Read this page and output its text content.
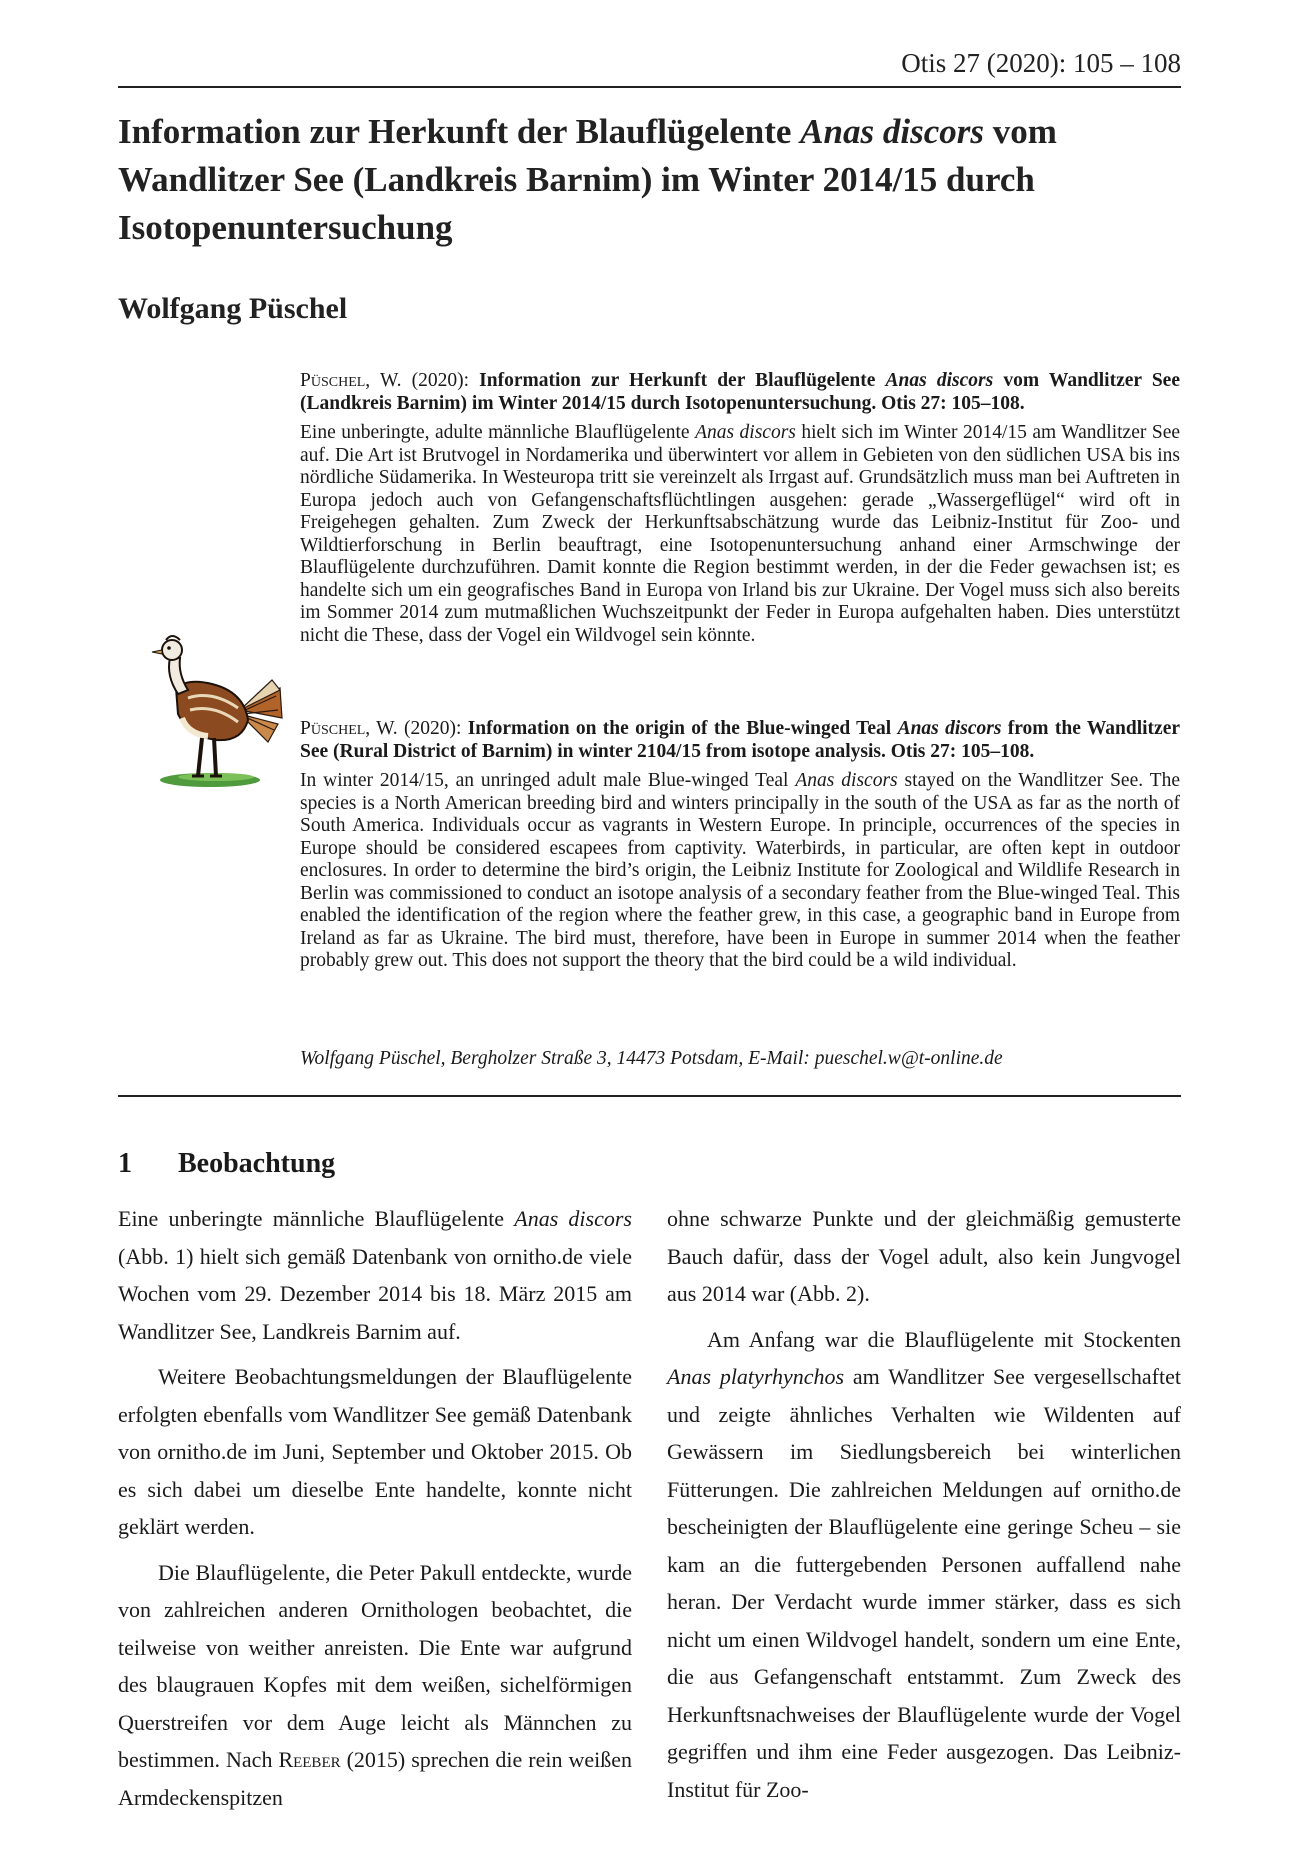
Otis 27 (2020): 105 – 108
Information zur Herkunft der Blauflügelente Anas discors vom Wandlitzer See (Landkreis Barnim) im Winter 2014/15 durch Isotopenuntersuchung
Wolfgang Püschel

Püschel, W. (2020): Information zur Herkunft der Blauflügelente Anas discors vom Wandlitzer See (Landkreis Barnim) im Winter 2014/15 durch Isotopenuntersuchung. Otis 27: 105–108.

Eine unberingte, adulte männliche Blauflügelente Anas discors hielt sich im Winter 2014/15 am Wandlitzer See auf. Die Art ist Brutvogel in Nordamerika und überwintert vor allem in Gebieten von den südlichen USA bis ins nördliche Südamerika. In Westeuropa tritt sie vereinzelt als Irrgast auf. Grundsätzlich muss man bei Auftreten in Europa jedoch auch von Gefangenschaftsflüchtlingen ausgehen: gerade „Wassergeflügel“ wird oft in Freigehegen gehalten. Zum Zweck der Herkunftsabschätzung wurde das Leibniz-Institut für Zoo- und Wildtierforschung in Berlin beauftragt, eine Isotopenuntersuchung anhand einer Armschwinge der Blauflügelente durchzuführen. Damit konnte die Region bestimmt werden, in der die Feder gewachsen ist; es handelte sich um ein geografisches Band in Europa von Irland bis zur Ukraine. Der Vogel muss sich also bereits im Sommer 2014 zum mutmaßlichen Wuchszeitpunkt der Feder in Europa aufgehalten haben. Dies unterstützt nicht die These, dass der Vogel ein Wildvogel sein könnte.

Püschel, W. (2020): Information on the origin of the Blue-winged Teal Anas discors from the Wandlitzer See (Rural District of Barnim) in winter 2104/15 from isotope analysis. Otis 27: 105–108.

In winter 2014/15, an unringed adult male Blue-winged Teal Anas discors stayed on the Wandlitzer See. The species is a North American breeding bird and winters principally in the south of the USA as far as the north of South America. Individuals occur as vagrants in Western Europe. In principle, occurrences of the species in Europe should be considered escapees from captivity. Waterbirds, in particular, are often kept in outdoor enclosures. In order to determine the bird’s origin, the Leibniz Institute for Zoological and Wildlife Research in Berlin was commissioned to conduct an isotope analysis of a secondary feather from the Blue-winged Teal. This enabled the identification of the region where the feather grew, in this case, a geographic band in Europe from Ireland as far as Ukraine. The bird must, therefore, have been in Europe in summer 2014 when the feather probably grew out. This does not support the theory that the bird could be a wild individual.

Wolfgang Püschel, Bergholzer Straße 3, 14473 Potsdam, E-Mail: pueschel.w@t-online.de
1 Beobachtung

Eine unberingte männliche Blauflügelente Anas discors (Abb. 1) hielt sich gemäß Datenbank von ornitho.de viele Wochen vom 29. Dezember 2014 bis 18. März 2015 am Wandlitzer See, Landkreis Barnim auf.

Weitere Beobachtungsmeldungen der Blauflügelente erfolgten ebenfalls vom Wandlitzer See gemäß Datenbank von ornitho.de im Juni, September und Oktober 2015. Ob es sich dabei um dieselbe Ente handelte, konnte nicht geklärt werden.

Die Blauflügelente, die Peter Pakull entdeckte, wurde von zahlreichen anderen Ornithologen beobachtet, die teilweise von weither anreisten. Die Ente war aufgrund des blaugrauen Kopfes mit dem weißen, sichelförmigen Querstreifen vor dem Auge leicht als Männchen zu bestimmen. Nach Reeber (2015) sprechen die rein weißen Armdeckenspitzen

ohne schwarze Punkte und der gleichmäßig gemusterte Bauch dafür, dass der Vogel adult, also kein Jungvogel aus 2014 war (Abb. 2).

Am Anfang war die Blauflügelente mit Stockenten Anas platyrhynchos am Wandlitzer See vergesellschaftet und zeigte ähnliches Verhalten wie Wildenten auf Gewässern im Siedlungsbereich bei winterlichen Fütterungen. Die zahlreichen Meldungen auf ornitho.de bescheinigten der Blauflügelente eine geringe Scheu – sie kam an die futtergebenden Personen auffallend nahe heran. Der Verdacht wurde immer stärker, dass es sich nicht um einen Wildvogel handelt, sondern um eine Ente, die aus Gefangenschaft entstammt. Zum Zweck des Herkunftsnachweises der Blauflügelente wurde der Vogel gegriffen und ihm eine Feder ausgezogen. Das Leibniz-Institut für Zoo-
